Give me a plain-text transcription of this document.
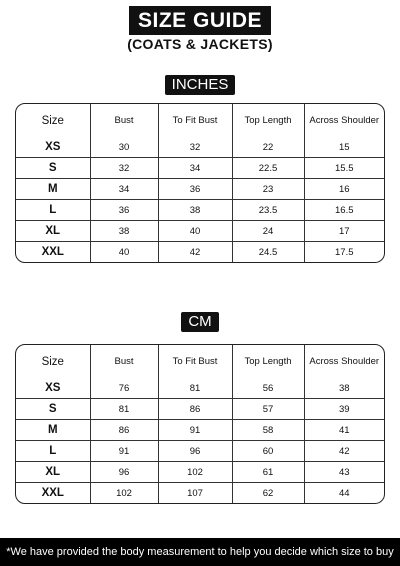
SIZE GUIDE
(COATS & JACKETS)
INCHES
Size	Bust	To Fit Bust	Top Length	Across Shoulder
XS	30	32	22	15
S	32	34	22.5	15.5
M	34	36	23	16
L	36	38	23.5	16.5
XL	38	40	24	17
XXL	40	42	24.5	17.5
CM
Size	Bust	To Fit Bust	Top Length	Across Shoulder
XS	76	81	56	38
S	81	86	57	39
M	86	91	58	41
L	91	96	60	42
XL	96	102	61	43
XXL	102	107	62	44
*We have provided the body measurement to help you decide which size to buy
